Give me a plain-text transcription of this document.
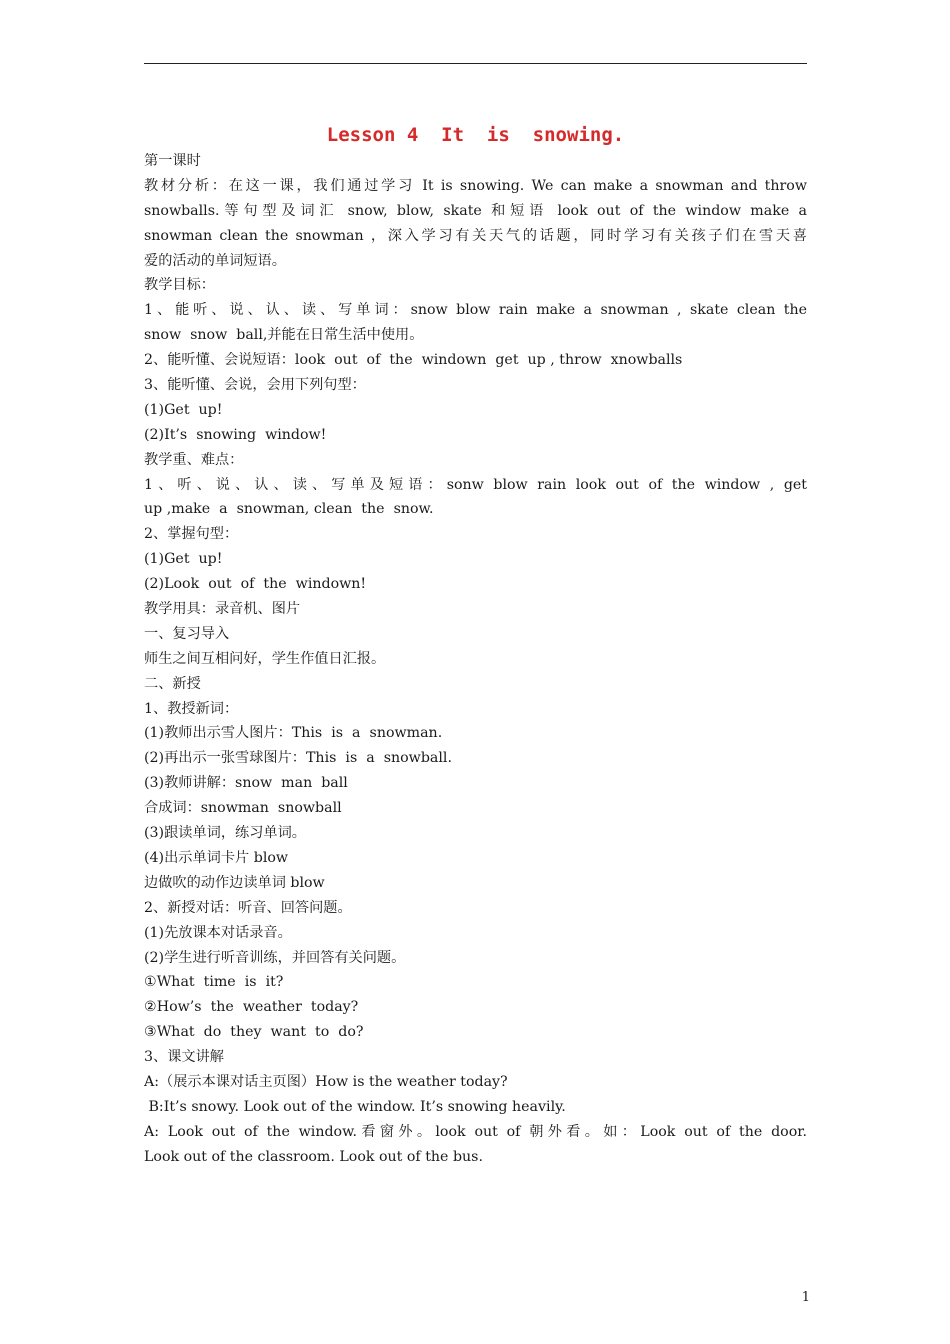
Lesson 4  It  is  snowing.
第一课时
教材分析：在这一课，我们通过学习 It is snowing. We can make a snowman and throw
snowballs.等句型及词汇 snow, blow, skate 和短语 look out of the window make a
snowman clean the snowman ，深入学习有关天气的话题，同时学习有关孩子们在雪天喜
爱的活动的单词短语。
教学目标：
1、能听、说、认、读、写单词：snow blow rain make a snowman , skate clean the
snow  snow  ball,并能在日常生活中使用。
2、能听懂、会说短语：look  out  of  the  windown  get  up , throw  xnowballs
3、能听懂、会说，会用下列句型：
(1)Get  up!
(2)It’s  snowing  window!
教学重、难点：
1、听、说、认、读、写单及短语：sonw blow rain look out of the window , get
up ,make  a  snowman, clean  the  snow.
2、掌握句型：
(1)Get  up!
(2)Look  out  of  the  windown!
教学用具：录音机、图片
一、复习导入
师生之间互相问好，学生作值日汇报。
二、新授
1、教授新词：
(1)教师出示雪人图片：This  is  a  snowman.
(2)再出示一张雪球图片：This  is  a  snowball.
(3)教师讲解：snow  man  ball
合成词：snowman  snowball
(3)跟读单词，练习单词。
(4)出示单词卡片 blow
边做吹的动作边读单词 blow
2、新授对话：听音、回答问题。
(1)先放课本对话录音。
(2)学生进行听音训练，并回答有关问题。
①What  time  is  it?
②How’s  the  weather  today?
③What  do  they  want  to  do?
3、课文讲解
A:（展示本课对话主页图）How is the weather today?
B:It’s snowy. Look out of the window. It’s snowing heavily.
A: Look out of the window.看窗外。look out of 朝外看。如：Look out of the door.
Look out of the classroom. Look out of the bus.
1
